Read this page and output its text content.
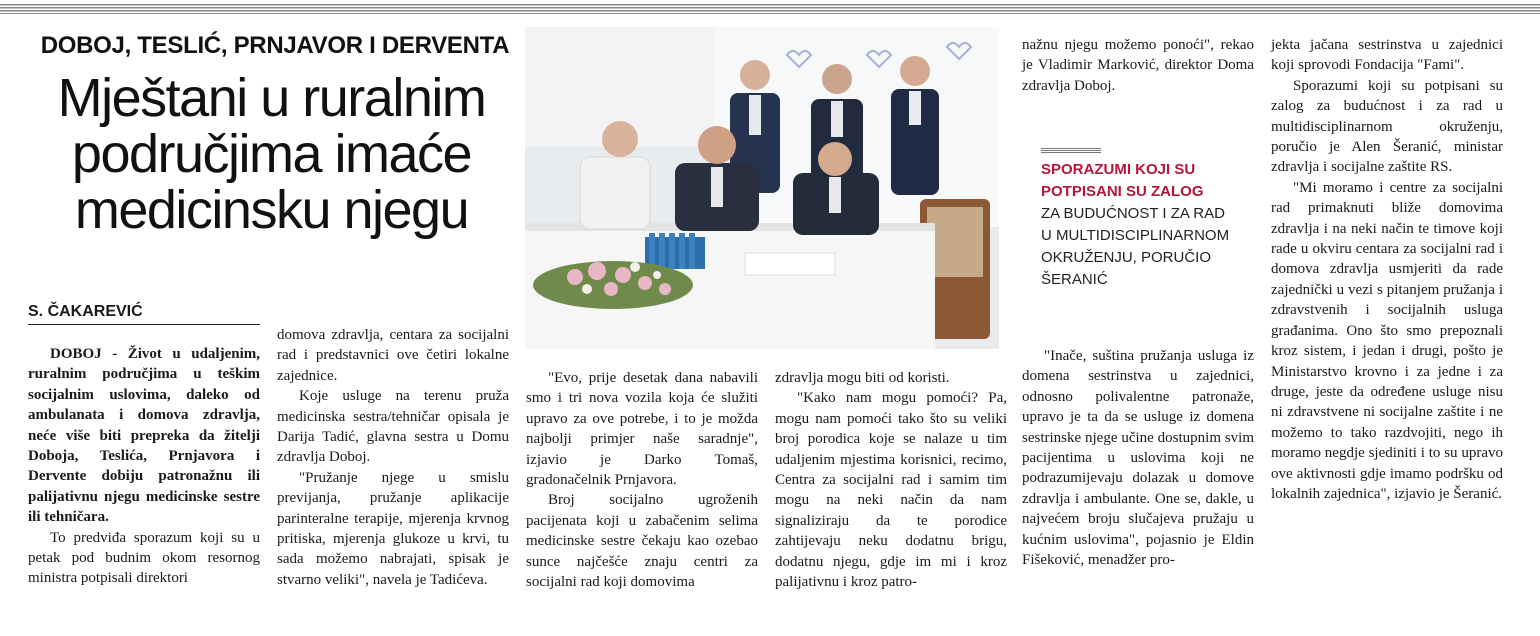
DOBOJ, TESLIĆ, PRNJAVOR I DERVENTA
Mještani u ruralnim područjima imaće medicinsku njegu
S. ČAKAREVIĆ

DOBOJ - Život u udaljenim, ruralnim područjima u teškim socijalnim uslovima, daleko od ambulanata i domova zdravlja, neće više biti prepreka da žitelji Doboja, Teslića, Prnjavora i Dervente dobiju patronažnu ili palijativnu njegu medicinske sestre ili tehničara.

To predviđa sporazum koji su u petak pod budnim okom resornog ministra potpisali direktori

domova zdravlja, centara za socijalni rad i predstavnici ove četiri lokalne zajednice.

Koje usluge na terenu pruža medicinska sestra/tehničar opisala je Darija Tadić, glavna sestra u Domu zdravlja Doboj.

"Pružanje njege u smislu previjanja, pružanje aplikacije parinteralne terapije, mjerenja krvnog pritiska, mjerenja glukoze u krvi, tu sada možemo nabrajati, spisak je stvarno veliki", navela je Tadićeva.

"Evo, prije desetak dana nabavili smo i tri nova vozila koja će služiti upravo za ove potrebe, i to je možda najbolji primjer naše saradnje", izjavio je Darko Tomaš, gradonačelnik Prnjavora.

Broj socijalno ugroženih pacijenata koji u zabačenim selima medicinske sestre čekaju kao ozebao sunce najčešće znaju centri za socijalni rad koji domovima

zdravlja mogu biti od koristi.

"Kako nam mogu pomoći? Pa, mogu nam pomoći tako što su veliki broj porodica koje se nalaze u tim udaljenim mjestima korisnici, recimo, Centra za socijalni rad i samim tim mogu na neki način da nam signaliziraju da te porodice zahtijevaju neku dodatnu brigu, dodatnu njegu, gdje im mi i kroz palijativnu i kroz patro-

nažnu njegu možemo ponoći", rekao je Vladimir Marković, direktor Doma zdravlja Doboj.

SPORAZUMI KOJI SU POTPISANI SU ZALOG
ZA BUDUĆNOST I ZA RAD U MULTIDISCIPLINARNOM OKRUŽENJU, PORUČIO ŠERANIĆ

"Inače, suština pružanja usluga iz domena sestrinstva u zajednici, odnosno polivalentne patronaže, upravo je ta da se usluge iz domena sestrinske njege učine dostupnim svim pacijentima u uslovima koji ne podrazumijevaju dolazak u domove zdravlja i ambulante. One se, dakle, u najvećem broju slučajeva pružaju u kućnim uslovima", pojasnio je Eldin Fišeković, menadžer pro-

jekta jačana sestrinstva u zajednici koji sprovodi Fondacija "Fami".

Sporazumi koji su potpisani su zalog za budućnost i za rad u multidisciplinarnom okruženju, poručio je Alen Šeranić, ministar zdravlja i socijalne zaštite RS.

"Mi moramo i centre za socijalni rad primaknuti bliže domovima zdravlja i na neki način te timove koji rade u okviru centara za socijalni rad i domova zdravlja usmjeriti da rade zajednički u vezi s pitanjem pružanja i zdravstvenih i socijalnih usluga građanima. Ono što smo prepoznali kroz sistem, i jedan i drugi, pošto je Ministarstvo krovno i za jedne i za druge, jeste da određene usluge nisu ni zdravstvene ni socijalne zaštite i ne možemo to tako razdvojiti, nego ih moramo negdje sjediniti i to su upravo ove aktivnosti gdje imamo podršku od lokalnih zajednica", izjavio je Šeranić.
